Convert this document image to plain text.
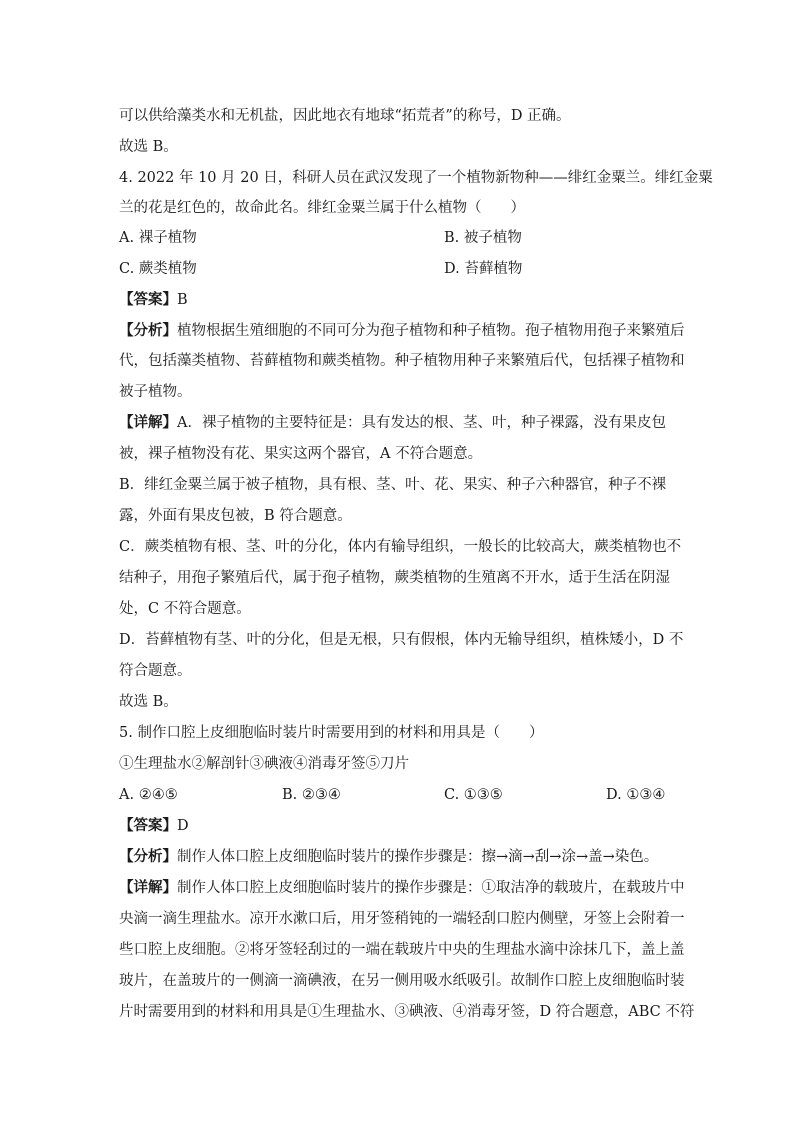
可以供给藻类水和无机盐，因此地衣有地球“拓荒者”的称号，D 正确。
故选 B。
4. 2022 年 10 月 20 日，科研人员在武汉发现了一个植物新物种——绯红金粟兰。绯红金粟
兰的花是红色的，故命此名。绯红金粟兰属于什么植物（　　）
A. 裸子植物	B. 被子植物
C. 蕨类植物	D. 苔藓植物
【答案】B
【分析】植物根据生殖细胞的不同可分为孢子植物和种子植物。孢子植物用孢子来繁殖后
代，包括藻类植物、苔藓植物和蕨类植物。种子植物用种子来繁殖后代，包括裸子植物和
被子植物。
【详解】A．裸子植物的主要特征是：具有发达的根、茎、叶，种子裸露，没有果皮包
被，裸子植物没有花、果实这两个器官，A 不符合题意。
B．绯红金粟兰属于被子植物，具有根、茎、叶、花、果实、种子六种器官，种子不裸
露，外面有果皮包被，B 符合题意。
C．蕨类植物有根、茎、叶的分化，体内有输导组织，一般长的比较高大，蕨类植物也不
结种子，用孢子繁殖后代，属于孢子植物，蕨类植物的生殖离不开水，适于生活在阴湿
处，C 不符合题意。
D．苔藓植物有茎、叶的分化，但是无根，只有假根，体内无输导组织，植株矮小，D 不
符合题意。
故选 B。
5. 制作口腔上皮细胞临时装片时需要用到的材料和用具是（　　）
①生理盐水②解剖针③碘液④消毒牙签⑤刀片
A. ②④⑤	B. ②③④	C. ①③⑤	D. ①③④
【答案】D
【分析】制作人体口腔上皮细胞临时装片的操作步骤是：擦→滴→刮→涂→盖→染色。
【详解】制作人体口腔上皮细胞临时装片的操作步骤是：①取洁净的载玻片，在载玻片中
央滴一滴生理盐水。凉开水漱口后，用牙签稍钝的一端轻刮口腔内侧壁，牙签上会附着一
些口腔上皮细胞。②将牙签轻刮过的一端在载玻片中央的生理盐水滴中涂抹几下，盖上盖
玻片，在盖玻片的一侧滴一滴碘液，在另一侧用吸水纸吸引。故制作口腔上皮细胞临时装
片时需要用到的材料和用具是①生理盐水、③碘液、④消毒牙签，D 符合题意，ABC 不符
